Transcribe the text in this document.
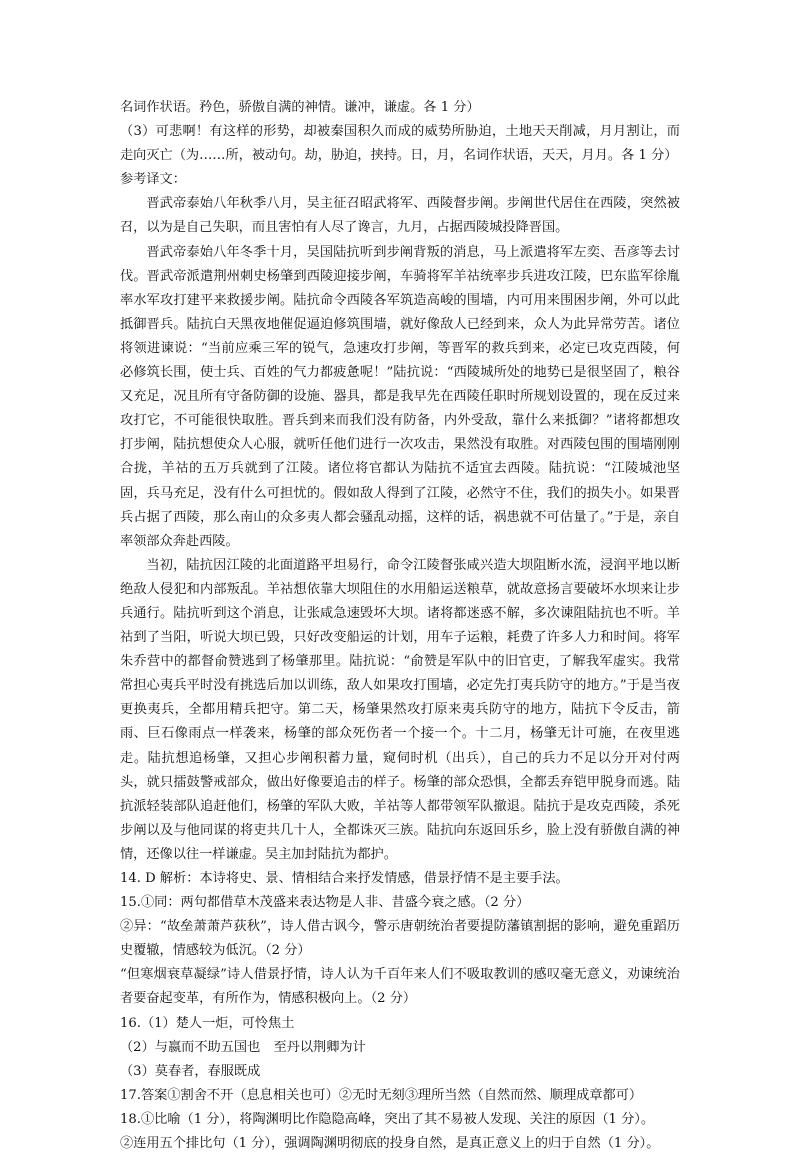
名词作状语。矜色，骄傲自满的神情。谦冲，谦虚。各 1 分）

（3）可悲啊！有这样的形势，却被秦国积久而成的威势所胁迫，土地天天削减，月月割让，而走向灭亡（为……所，被动句。劫，胁迫，挟持。日，月，名词作状语，天天，月月。各 1 分）

参考译文：

晋武帝泰始八年秋季八月，吴主征召昭武将军、西陵督步阐。步阐世代居住在西陵，突然被召，以为是自己失职，而且害怕有人尽了谗言，九月，占据西陵城投降晋国。

晋武帝泰始八年冬季十月，吴国陆抗听到步阐背叛的消息，马上派遣将军左奕、吾彦等去讨伐。晋武帝派遣荆州刺史杨肇到西陵迎接步阐，车骑将军羊祜统率步兵进攻江陵，巴东监军徐胤率水军攻打建平来救援步阐。陆抗命令西陵各军筑造高峻的围墙，内可用来围困步阐，外可以此抵御晋兵。陆抗白天黑夜地催促逼迫修筑围墙，就好像敌人已经到来，众人为此异常劳苦。诸位将领进谏说：“当前应乘三军的锐气，急速攻打步阐，等晋军的救兵到来，必定已攻克西陵，何必修筑长围，使士兵、百姓的气力都疲惫呢！”陆抗说：“西陵城所处的地势已是很坚固了，粮谷又充足，况且所有守备防御的设施、器具，都是我早先在西陵任职时所规划设置的，现在反过来攻打它，不可能很快取胜。晋兵到来而我们没有防备，内外受敌，靠什么来抵御？”诸将都想攻打步阐，陆抗想使众人心服，就听任他们进行一次攻击，果然没有取胜。对西陵包围的围墙刚刚合拢，羊祜的五万兵就到了江陵。诸位将官都认为陆抗不适宜去西陵。陆抗说：“江陵城池坚固，兵马充足，没有什么可担忧的。假如敌人得到了江陵，必然守不住，我们的损失小。如果晋兵占据了西陵，那么南山的众多夷人都会骚乱动摇，这样的话，祸患就不可估量了。”于是，亲自率领部众奔赴西陵。

当初，陆抗因江陵的北面道路平坦易行，命令江陵督张咸兴造大坝阻断水流，浸润平地以断绝敌人侵犯和内部叛乱。羊祜想依靠大坝阻住的水用船运送粮草，就故意扬言要破坏水坝来让步兵通行。陆抗听到这个消息，让张咸急速毁坏大坝。诸将都迷惑不解，多次谏阻陆抗也不听。羊祜到了当阳，听说大坝已毁，只好改变船运的计划，用车子运粮，耗费了许多人力和时间。将军朱乔营中的都督俞赞逃到了杨肇那里。陆抗说：“俞赞是军队中的旧官吏，了解我军虚实。我常常担心夷兵平时没有挑选后加以训练，敌人如果攻打围墙，必定先打夷兵防守的地方。”于是当夜更换夷兵，全都用精兵把守。第二天，杨肇果然攻打原来夷兵防守的地方，陆抗下令反击，箭雨、巨石像雨点一样袭来，杨肇的部众死伤者一个接一个。十二月，杨肇无计可施，在夜里逃走。陆抗想追杨肇，又担心步阐积蓄力量，窥伺时机（出兵），自己的兵力不足以分开对付两头，就只擂鼓警戒部众，做出好像要追击的样子。杨肇的部众恐惧，全都丢弃铠甲脱身而逃。陆抗派轻装部队追赶他们，杨肇的军队大败，羊祜等人都带领军队撤退。陆抗于是攻克西陵，杀死步阐以及与他同谋的将吏共几十人，全都诛灭三族。陆抗向东返回乐乡，脸上没有骄傲自满的神情，还像以往一样谦虚。吴主加封陆抗为都护。

14. D 解析：本诗将史、景、情相结合来抒发情感，借景抒情不是主要手法。

15.①同：两句都借草木茂盛来表达物是人非、昔盛今衰之感。（2 分）

②异：“故垒萧萧芦荻秋”，诗人借古讽今，警示唐朝统治者要提防藩镇割据的影响，避免重蹈历史覆辙，情感较为低沉。（2 分）

“但寒烟衰草凝绿”诗人借景抒情，诗人认为千百年来人们不吸取教训的感叹毫无意义，劝谏统治者要奋起变革，有所作为，情感积极向上。（2 分）

16.（1）楚人一炬，可怜焦土

（2）与嬴而不助五国也　至丹以荆卿为计

（3）莫春者，春服既成

17.答案①割舍不开（息息相关也可）②无时无刻③理所当然（自然而然、顺理成章都可）

18.①比喻（1 分），将陶渊明比作隐隐高峰，突出了其不易被人发现、关注的原因（1 分）。

②连用五个排比句（1 分），强调陶渊明彻底的投身自然，是真正意义上的归于自然（1 分）。
